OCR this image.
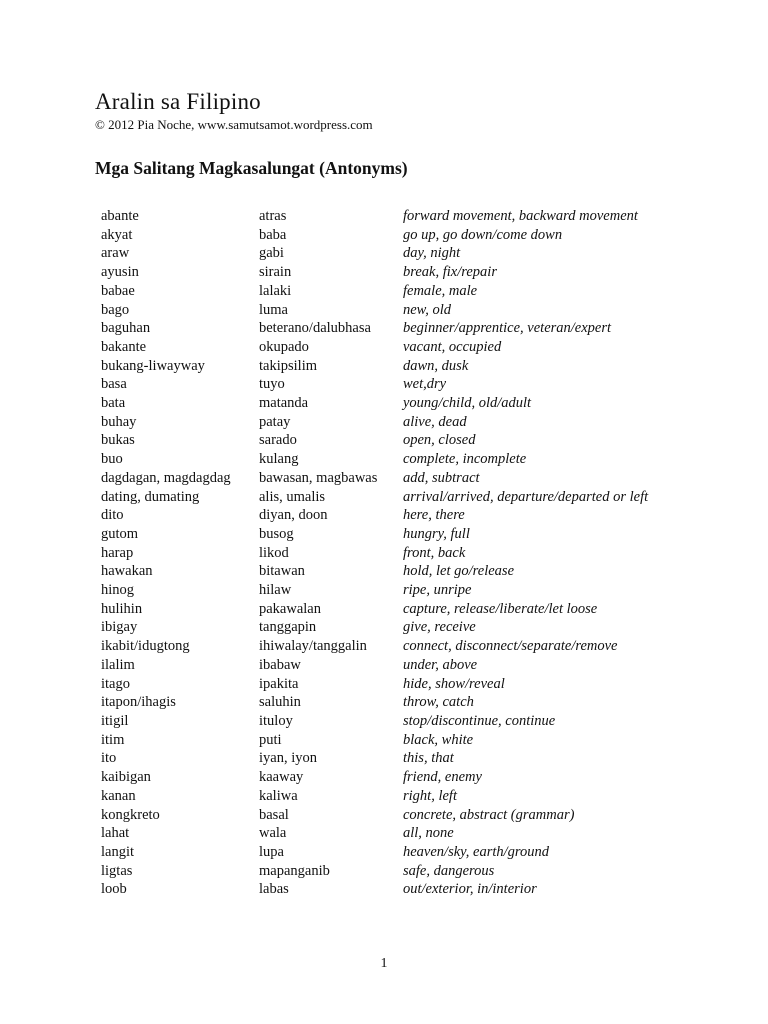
Aralin sa Filipino
© 2012 Pia Noche, www.samutsamot.wordpress.com
Mga Salitang Magkasalungat (Antonyms)
abante	atras	forward movement, backward movement
akyat	baba	go up, go down/come down
araw	gabi	day, night
ayusin	sirain	break, fix/repair
babae	lalaki	female, male
bago	luma	new, old
baguhan	beterano/dalubhasa	beginner/apprentice, veteran/expert
bakante	okupado	vacant, occupied
bukang-liwayway	takipsilim	dawn, dusk
basa	tuyo	wet,dry
bata	matanda	young/child, old/adult
buhay	patay	alive, dead
bukas	sarado	open, closed
buo	kulang	complete, incomplete
dagdagan, magdagdag	bawasan, magbawas	add, subtract
dating, dumating	alis, umalis	arrival/arrived, departure/departed or left
dito	diyan, doon	here, there
gutom	busog	hungry, full
harap	likod	front, back
hawakan	bitawan	hold, let go/release
hinog	hilaw	ripe, unripe
hulihin	pakawalan	capture, release/liberate/let loose
ibigay	tanggapin	give, receive
ikabit/idugtong	ihiwalay/tanggalin	connect, disconnect/separate/remove
ilalim	ibabaw	under, above
itago	ipakita	hide, show/reveal
itapon/ihagis	saluhin	throw, catch
itigil	ituloy	stop/discontinue, continue
itim	puti	black, white
ito	iyan, iyon	this, that
kaibigan	kaaway	friend, enemy
kanan	kaliwa	right, left
kongkreto	basal	concrete, abstract (grammar)
lahat	wala	all, none
langit	lupa	heaven/sky, earth/ground
ligtas	mapanganib	safe, dangerous
loob	labas	out/exterior, in/interior
1
